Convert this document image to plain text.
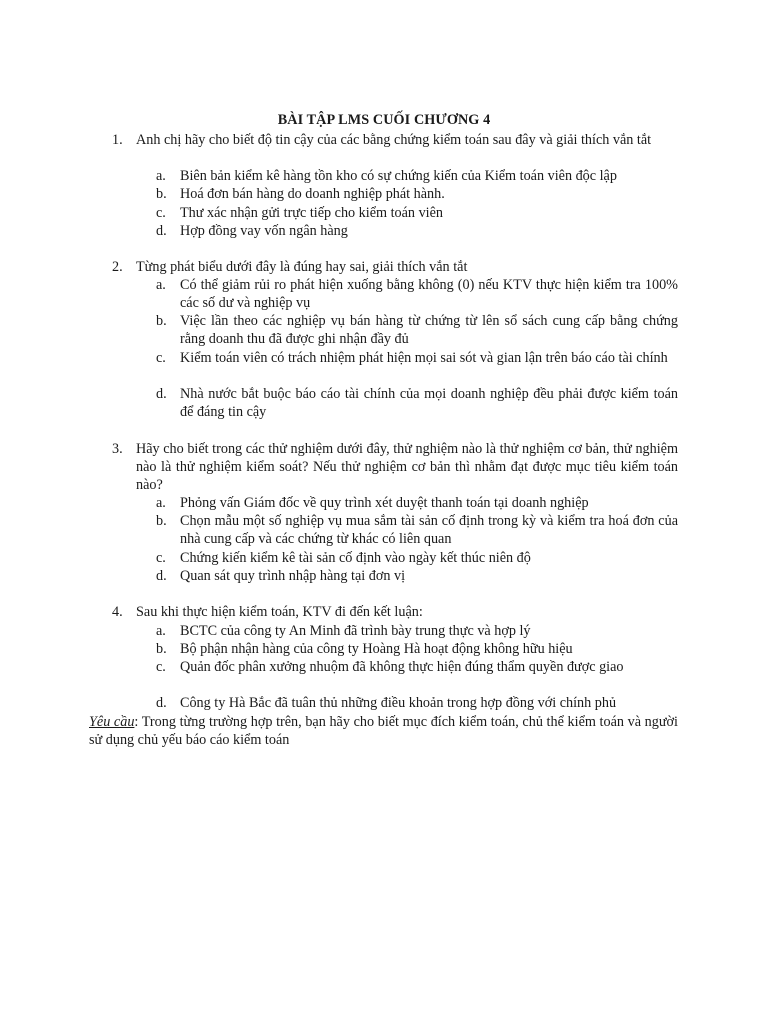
BÀI TẬP LMS CUỐI CHƯƠNG 4
1. Anh chị hãy cho biết độ tin cậy của các bằng chứng kiểm toán sau đây và giải thích vắn tắt
a. Biên bản kiểm kê hàng tồn kho có sự chứng kiến của Kiểm toán viên độc lập
b. Hoá đơn bán hàng do doanh nghiệp phát hành.
c. Thư xác nhận gửi trực tiếp cho kiểm toán viên
d. Hợp đồng vay vốn ngân hàng
2. Từng phát biểu dưới đây là đúng hay sai, giải thích vắn tắt
a. Có thể giảm rủi ro phát hiện xuống bằng không (0) nếu KTV thực hiện kiểm tra 100% các số dư và nghiệp vụ
b. Việc lần theo các nghiệp vụ bán hàng từ chứng từ lên sổ sách cung cấp bằng chứng rằng doanh thu đã được ghi nhận đầy đủ
c. Kiểm toán viên có trách nhiệm phát hiện mọi sai sót và gian lận trên báo cáo tài chính
d. Nhà nước bắt buộc báo cáo tài chính của mọi doanh nghiệp đều phải được kiểm toán để đáng tin cậy
3. Hãy cho biết trong các thử nghiệm dưới đây, thử nghiệm nào là thử nghiệm cơ bản, thử nghiệm nào là thử nghiệm kiểm soát? Nếu thử nghiệm cơ bản thì nhằm đạt được mục tiêu kiểm toán nào?
a. Phỏng vấn Giám đốc về quy trình xét duyệt thanh toán tại doanh nghiệp
b. Chọn mẫu một số nghiệp vụ mua sắm tài sản cố định trong kỳ và kiểm tra hoá đơn của nhà cung cấp và các chứng từ khác có liên quan
c. Chứng kiến kiểm kê tài sản cố định vào ngày kết thúc niên độ
d. Quan sát quy trình nhập hàng tại đơn vị
4. Sau khi thực hiện kiểm toán, KTV đi đến kết luận:
a. BCTC của công ty An Minh đã trình bày trung thực và hợp lý
b. Bộ phận nhận hàng của công ty Hoàng Hà hoạt động không hữu hiệu
c. Quản đốc phân xưởng nhuộm đã không thực hiện đúng thẩm quyền được giao
d. Công ty Hà Bắc đã tuân thủ những điều khoản trong hợp đồng với chính phủ
Yêu cầu: Trong từng trường hợp trên, bạn hãy cho biết mục đích kiểm toán, chủ thể kiểm toán và người sử dụng chủ yếu báo cáo kiểm toán
